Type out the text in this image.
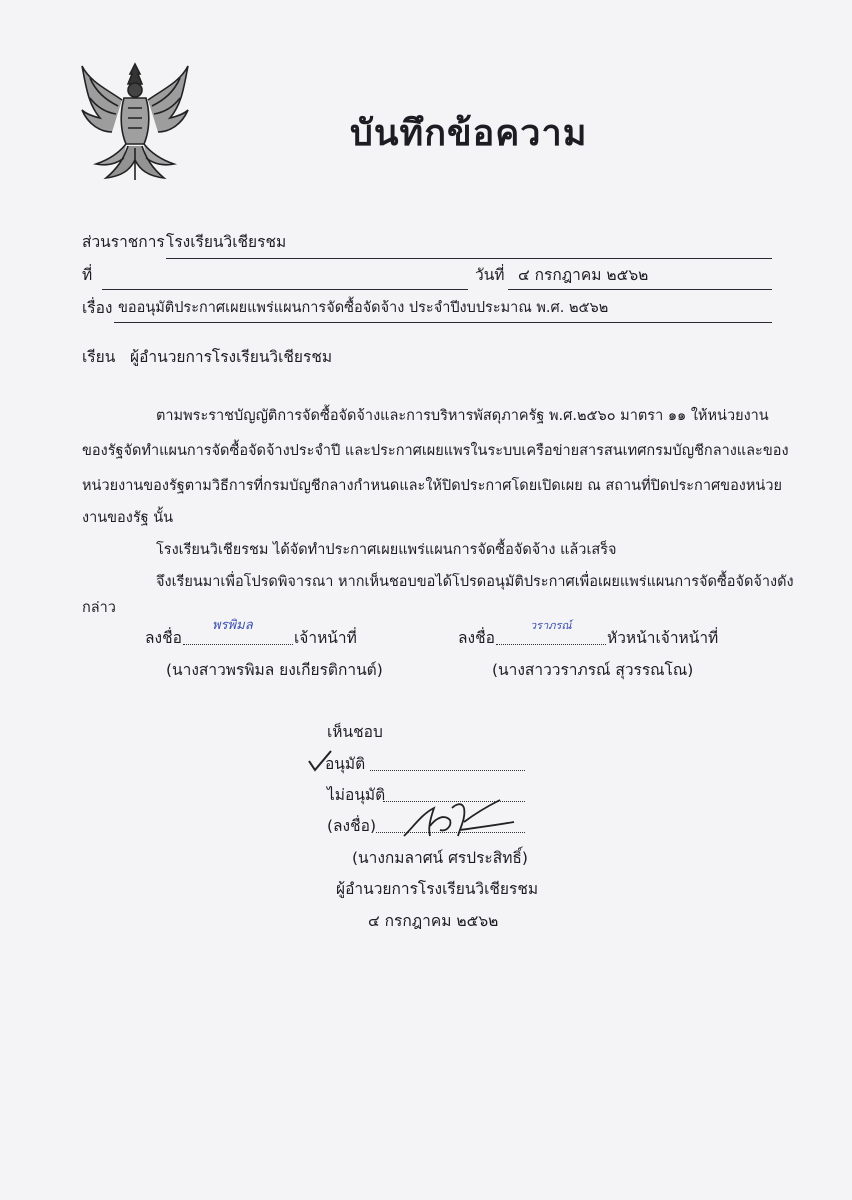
บันทึกข้อความ
ส่วนราชการ โรงเรียนวิเชียรชม
ที่	วันที่ ๔ กรกฎาคม ๒๕๖๒
เรื่อง ขออนุมัติประกาศเผยแพร่แผนการจัดซื้อจัดจ้าง ประจำปีงบประมาณ พ.ศ. ๒๕๖๒
เรียน ผู้อำนวยการโรงเรียนวิเชียรชม
ตามพระราชบัญญัติการจัดซื้อจัดจ้างและการบริหารพัสดุภาครัฐ พ.ศ.๒๕๖๐ มาตรา ๑๑ ให้หน่วยงาน
ของรัฐจัดทำแผนการจัดซื้อจัดจ้างประจำปี และประกาศเผยแพรในระบบเครือข่ายสารสนเทศกรมบัญชีกลางและของ
หน่วยงานของรัฐตามวิธีการที่กรมบัญชีกลางกำหนดและให้ปิดประกาศโดยเปิดเผย ณ สถานที่ปิดประกาศของหน่วย
งานของรัฐ นั้น
โรงเรียนวิเชียรชม ได้จัดทำประกาศเผยแพร่แผนการจัดซื้อจัดจ้าง แล้วเสร็จ
จึงเรียนมาเพื่อโปรดพิจารณา หากเห็นชอบขอได้โปรดอนุมัติประกาศเพื่อเผยแพร่แผนการจัดซื้อจัดจ้างดัง
กล่าว
ลงชื่อ
พรพิมล
เจ้าหน้าที่
(นางสาวพรพิมล ยงเกียรติกานต์)
ลงชื่อ
วราภรณ์
หัวหน้าเจ้าหน้าที่
(นางสาววราภรณ์ สุวรรณโณ)
เห็นชอบ
อนุมัติ
ไม่อนุมัติ
(ลงชื่อ)
(นางกมลาศน์ ศรประสิทธิ์)
ผู้อำนวยการโรงเรียนวิเชียรชม
๔ กรกฎาคม ๒๕๖๒
